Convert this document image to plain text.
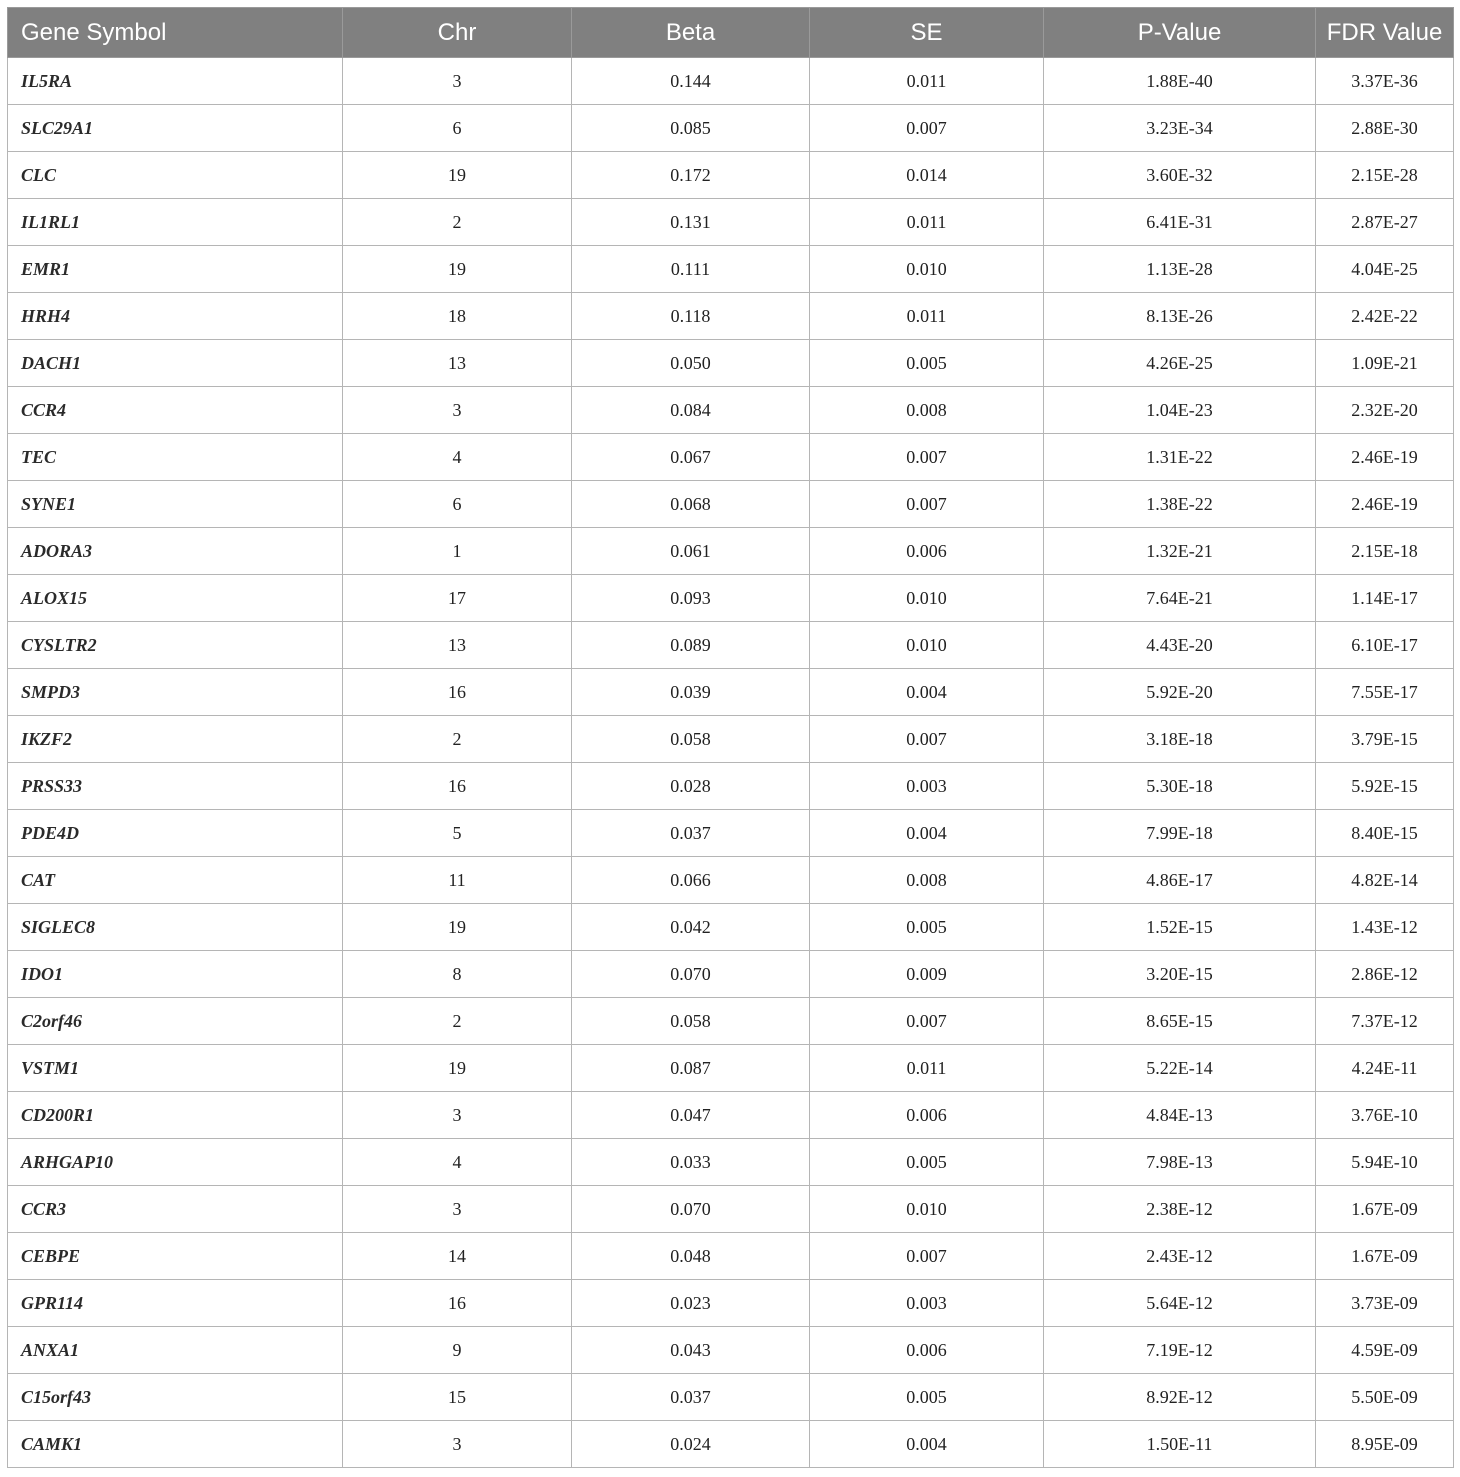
Gene Symbol	Chr	Beta	SE	P-Value	FDR Value
IL5RA	3	0.144	0.011	1.88E-40	3.37E-36
SLC29A1	6	0.085	0.007	3.23E-34	2.88E-30
CLC	19	0.172	0.014	3.60E-32	2.15E-28
IL1RL1	2	0.131	0.011	6.41E-31	2.87E-27
EMR1	19	0.111	0.010	1.13E-28	4.04E-25
HRH4	18	0.118	0.011	8.13E-26	2.42E-22
DACH1	13	0.050	0.005	4.26E-25	1.09E-21
CCR4	3	0.084	0.008	1.04E-23	2.32E-20
TEC	4	0.067	0.007	1.31E-22	2.46E-19
SYNE1	6	0.068	0.007	1.38E-22	2.46E-19
ADORA3	1	0.061	0.006	1.32E-21	2.15E-18
ALOX15	17	0.093	0.010	7.64E-21	1.14E-17
CYSLTR2	13	0.089	0.010	4.43E-20	6.10E-17
SMPD3	16	0.039	0.004	5.92E-20	7.55E-17
IKZF2	2	0.058	0.007	3.18E-18	3.79E-15
PRSS33	16	0.028	0.003	5.30E-18	5.92E-15
PDE4D	5	0.037	0.004	7.99E-18	8.40E-15
CAT	11	0.066	0.008	4.86E-17	4.82E-14
SIGLEC8	19	0.042	0.005	1.52E-15	1.43E-12
IDO1	8	0.070	0.009	3.20E-15	2.86E-12
C2orf46	2	0.058	0.007	8.65E-15	7.37E-12
VSTM1	19	0.087	0.011	5.22E-14	4.24E-11
CD200R1	3	0.047	0.006	4.84E-13	3.76E-10
ARHGAP10	4	0.033	0.005	7.98E-13	5.94E-10
CCR3	3	0.070	0.010	2.38E-12	1.67E-09
CEBPE	14	0.048	0.007	2.43E-12	1.67E-09
GPR114	16	0.023	0.003	5.64E-12	3.73E-09
ANXA1	9	0.043	0.006	7.19E-12	4.59E-09
C15orf43	15	0.037	0.005	8.92E-12	5.50E-09
CAMK1	3	0.024	0.004	1.50E-11	8.95E-09
